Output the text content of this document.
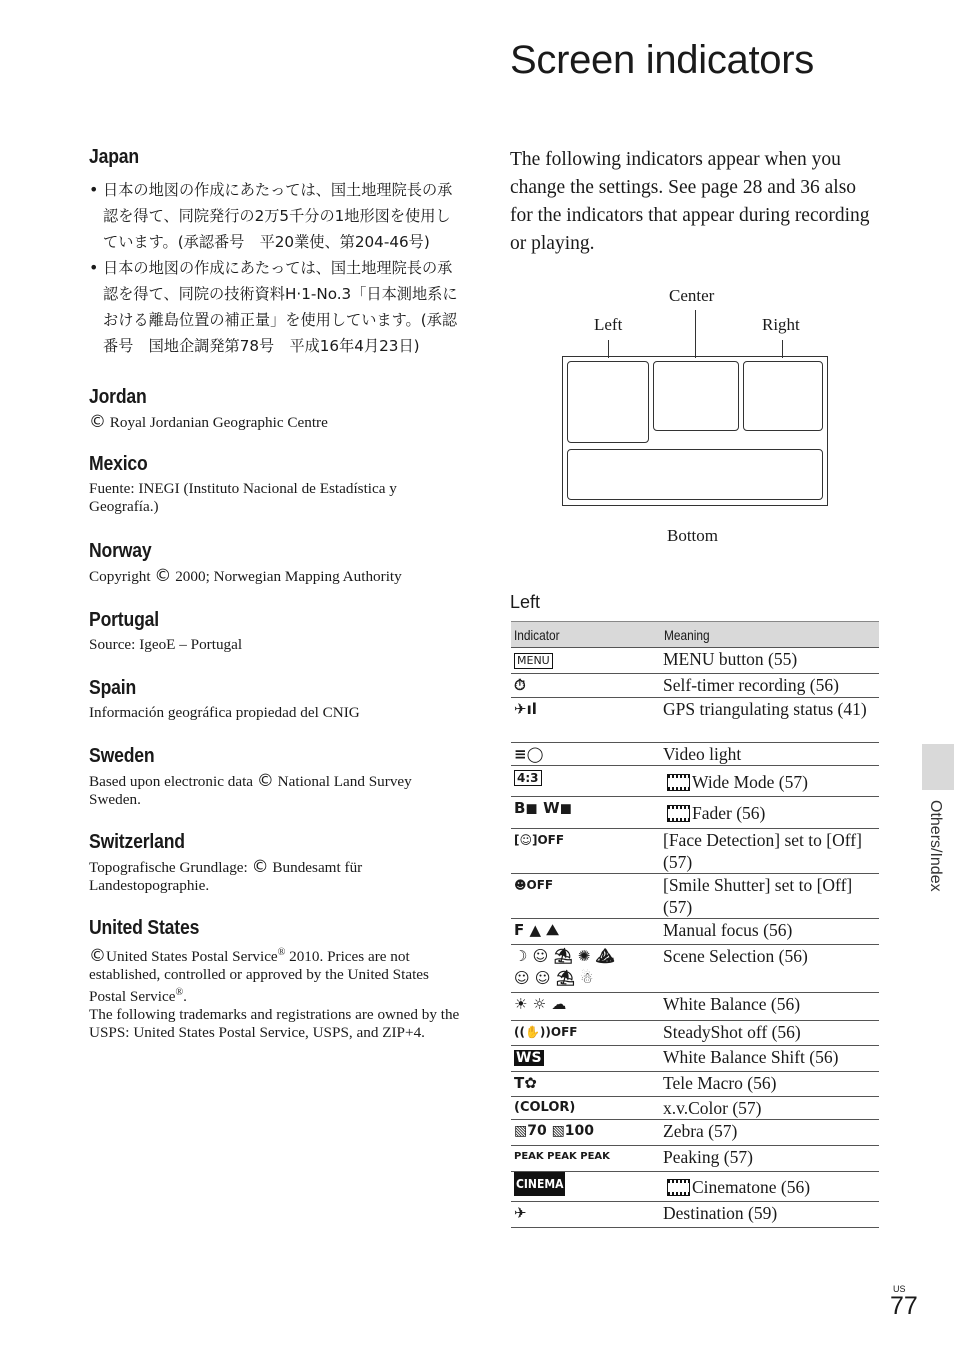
Screen indicators
Japan
• 日本の地図の作成にあたっては、国土地理院長の承認を得て、同院発行の2万5千分の1地形図を使用しています。(承認番号　平20業使、第204-46号)
• 日本の地図の作成にあたっては、国土地理院長の承認を得て、同院の技術資料H·1-No.3「日本測地系における離島位置の補正量」を使用しています。(承認番号　国地企調発第78号　平成16年4月23日)
Jordan
© Royal Jordanian Geographic Centre
Mexico
Fuente: INEGI (Instituto Nacional de Estadística y Geografía.)
Norway
Copyright © 2000; Norwegian Mapping Authority
Portugal
Source: IgeoE – Portugal
Spain
Información geográfica propiedad del CNIG
Sweden
Based upon electronic data © National Land Survey Sweden.
Switzerland
Topografische Grundlage: © Bundesamt für Landestopographie.
United States
©United States Postal Service® 2010. Prices are not established, controlled or approved by the United States Postal Service®.
The following trademarks and registrations are owned by the USPS: United States Postal Service, USPS, and ZIP+4.

The following indicators appear when you change the settings. See page 28 and 36 also for the indicators that appear during recording or playing.

Center
Left	Right
Bottom
Left
Indicator	Meaning
MENU	MENU button (55)
⏱	Self-timer recording (56)
✈ıl	GPS triangulating status (41)
≡◯	Video light
4:3	Wide Mode (57)
B◼ W◼	Fader (56)
[☺]OFF	[Face Detection] set to [Off] (57)
☻OFF	[Smile Shutter] set to [Off] (57)
F ▲ ⛰	Manual focus (56)
☽ ☺ ⛱ ✺ ⛰
☺ ☺ ⛱ ☃	Scene Selection (56)
☀ ☼ ☁	White Balance (56)
((✋))OFF	SteadyShot off (56)
WS	White Balance Shift (56)
T✿	Tele Macro (56)
(COLOR)	x.v.Color (57)
▧70 ▧100	Zebra (57)
PEAK PEAK PEAK	Peaking (57)
CINEMA	Cinematone (56)
✈	Destination (59)
Others/Index
US
77
